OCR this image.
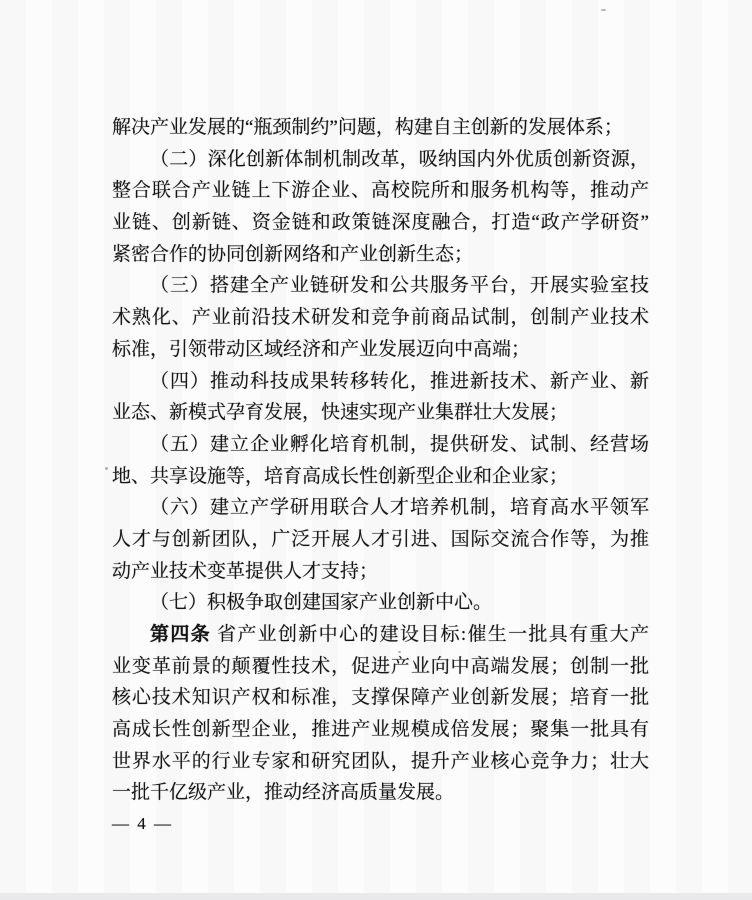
解决产业发展的“瓶颈制约”问题，构建自主创新的发展体系；
（二）深化创新体制机制改革，吸纳国内外优质创新资源，
整合联合产业链上下游企业、高校院所和服务机构等，推动产
业链、创新链、资金链和政策链深度融合，打造“政产学研资”
紧密合作的协同创新网络和产业创新生态；
（三）搭建全产业链研发和公共服务平台，开展实验室技
术熟化、产业前沿技术研发和竞争前商品试制，创制产业技术
标准，引领带动区域经济和产业发展迈向中高端；
（四）推动科技成果转移转化，推进新技术、新产业、新
业态、新模式孕育发展，快速实现产业集群壮大发展；
（五）建立企业孵化培育机制，提供研发、试制、经营场
地、共享设施等，培育高成长性创新型企业和企业家；
（六）建立产学研用联合人才培养机制，培育高水平领军
人才与创新团队，广泛开展人才引进、国际交流合作等，为推
动产业技术变革提供人才支持；
（七）积极争取创建国家产业创新中心。
第四条 省产业创新中心的建设目标:催生一批具有重大产
业变革前景的颠覆性技术，促进产业向中高端发展；创制一批
核心技术知识产权和标准，支撑保障产业创新发展；培育一批
高成长性创新型企业，推进产业规模成倍发展；聚集一批具有
世界水平的行业专家和研究团队，提升产业核心竞争力；壮大
一批千亿级产业，推动经济高质量发展。
— 4 —
